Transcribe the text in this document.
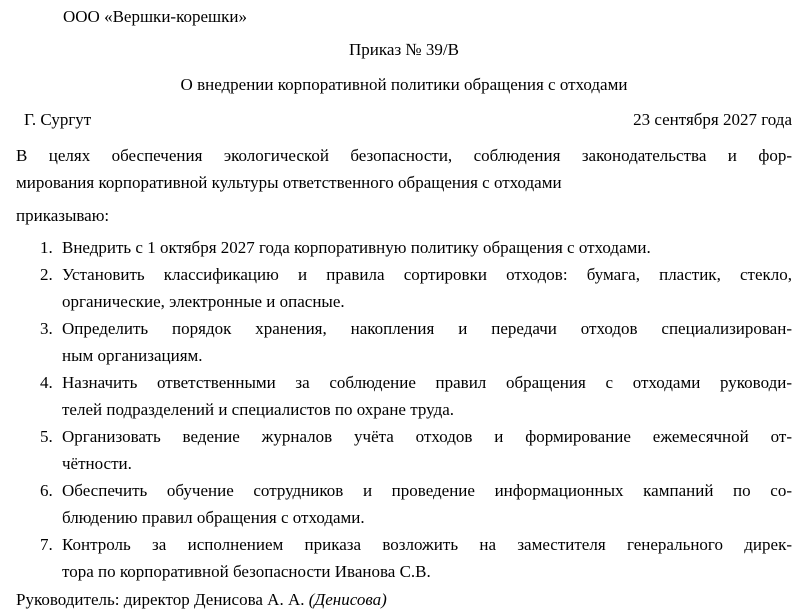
ООО «Вершки-корешки»
Приказ № 39/В
О внедрении корпоративной политики обращения с отходами
Г. Сургут	23 сентября 2027 года
В целях обеспечения экологической безопасности, соблюдения законодательства и фор-
мирования корпоративной культуры ответственного обращения с отходами
приказываю:
1. Внедрить с 1 октября 2027 года корпоративную политику обращения с отходами.
2. Установить классификацию и правила сортировки отходов: бумага, пластик, стекло,
органические, электронные и опасные.
3. Определить порядок хранения, накопления и передачи отходов специализирован-
ным организациям.
4. Назначить ответственными за соблюдение правил обращения с отходами руководи-
телей подразделений и специалистов по охране труда.
5. Организовать ведение журналов учёта отходов и формирование ежемесячной от-
чётности.
6. Обеспечить обучение сотрудников и проведение информационных кампаний по со-
блюдению правил обращения с отходами.
7. Контроль за исполнением приказа возложить на заместителя генерального дирек-
тора по корпоративной безопасности Иванова С.В.
Руководитель: директор Денисова А. А. (Денисова)
